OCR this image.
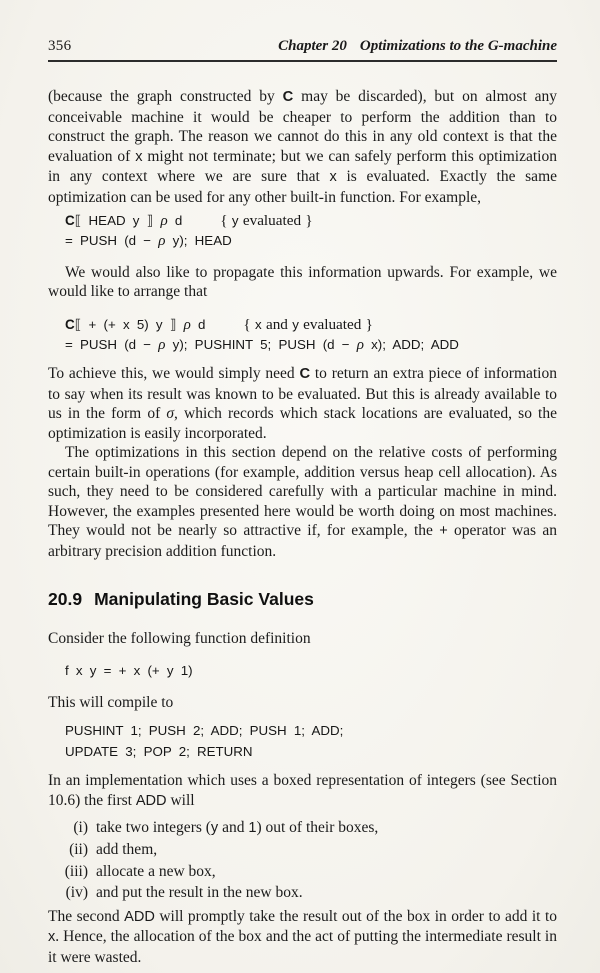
356	Chapter 20 Optimizations to the G-machine

(because the graph constructed by C may be discarded), but on almost any conceivable machine it would be cheaper to perform the addition than to construct the graph. The reason we cannot do this in any old context is that the evaluation of x might not terminate; but we can safely perform this optimization in any context where we are sure that x is evaluated. Exactly the same optimization can be used for any other built-in function. For example,

C⟦ HEAD y ⟧ ρ d	{ y evaluated }
= PUSH (d − ρ y); HEAD

We would also like to propagate this information upwards. For example, we would like to arrange that

C⟦ + (+ x 5) y ⟧ ρ d	{ x and y evaluated }
= PUSH (d − ρ y); PUSHINT 5; PUSH (d − ρ x); ADD; ADD

To achieve this, we would simply need C to return an extra piece of information to say when its result was known to be evaluated. But this is already available to us in the form of σ, which records which stack locations are evaluated, so the optimization is easily incorporated.

The optimizations in this section depend on the relative costs of performing certain built-in operations (for example, addition versus heap cell allocation). As such, they need to be considered carefully with a particular machine in mind. However, the examples presented here would be worth doing on most machines. They would not be nearly so attractive if, for example, the + operator was an arbitrary precision addition function.

20.9 Manipulating Basic Values

Consider the following function definition

f x y = + x (+ y 1)

This will compile to

PUSHINT 1; PUSH 2; ADD; PUSH 1; ADD;
UPDATE 3; POP 2; RETURN

In an implementation which uses a boxed representation of integers (see Section 10.6) the first ADD will

(i) take two integers (y and 1) out of their boxes,
(ii) add them,
(iii) allocate a new box,
(iv) and put the result in the new box.

The second ADD will promptly take the result out of the box in order to add it to x. Hence, the allocation of the box and the act of putting the intermediate result in it were wasted.
